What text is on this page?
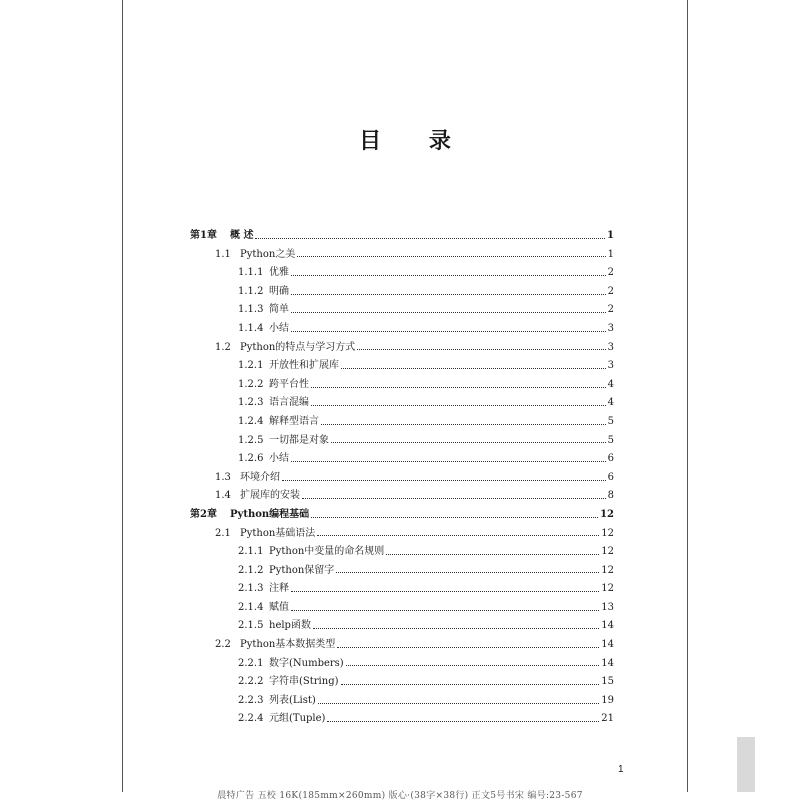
目 录
第1章	概 述	1
1.1 Python之美	1
1.1.1 优雅	2
1.1.2 明确	2
1.1.3 简单	2
1.1.4 小结	3
1.2 Python的特点与学习方式	3
1.2.1 开放性和扩展库	3
1.2.2 跨平台性	4
1.2.3 语言混编	4
1.2.4 解释型语言	5
1.2.5 一切都是对象	5
1.2.6 小结	6
1.3 环境介绍	6
1.4 扩展库的安装	8
第2章	Python编程基础	12
2.1 Python基础语法	12
2.1.1 Python中变量的命名规则	12
2.1.2 Python保留字	12
2.1.3 注释	12
2.1.4 赋值	13
2.1.5 help函数	14
2.2 Python基本数据类型	14
2.2.1 数字(Numbers)	14
2.2.2 字符串(String)	15
2.2.3 列表(List)	19
2.2.4 元组(Tuple)	21
1
晨特广告 五校 16K(185mm×260mm) 版心·(38字×38行) 正文5号书宋 编号:23-567
